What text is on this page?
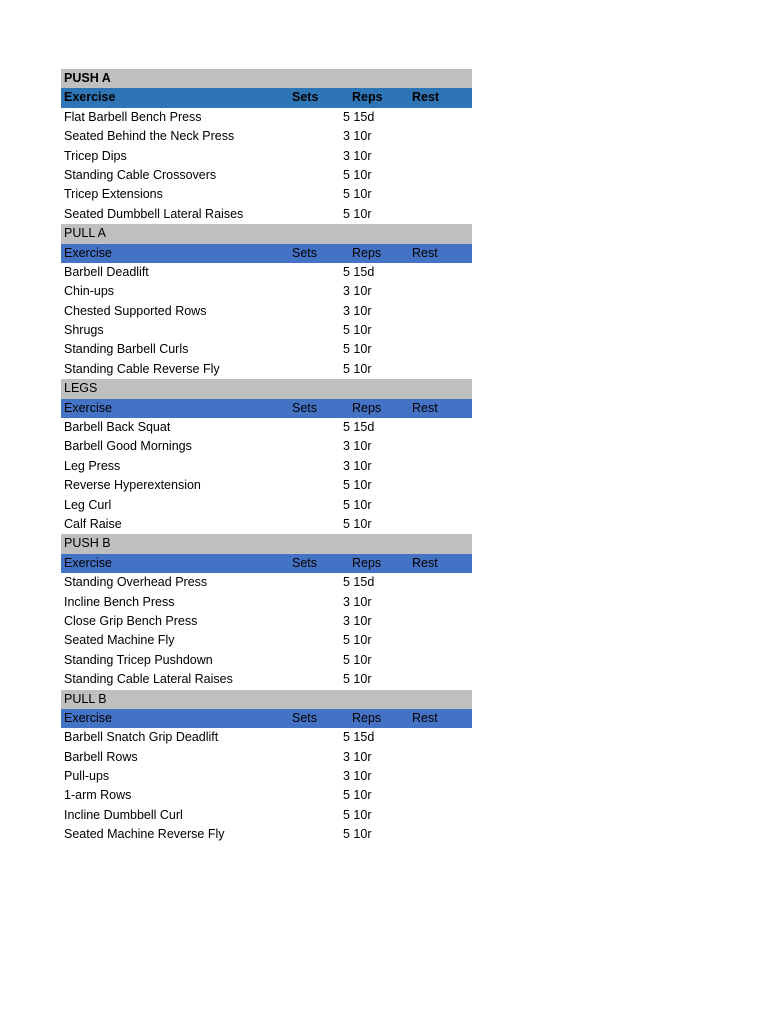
PUSH A
Exercise	Sets	Reps Rest
Flat Barbell Bench Press	5 15d
Seated Behind the Neck Press	3 10r
Tricep Dips	3 10r
Standing Cable Crossovers	5 10r
Tricep Extensions	5 10r
Seated Dumbbell Lateral Raises	5 10r
PULL A
Exercise	Sets	Reps Rest
Barbell Deadlift	5 15d
Chin-ups	3 10r
Chested Supported Rows	3 10r
Shrugs	5 10r
Standing Barbell Curls	5 10r
Standing Cable Reverse Fly	5 10r
LEGS
Exercise	Sets	Reps Rest
Barbell Back Squat	5 15d
Barbell Good Mornings	3 10r
Leg Press	3 10r
Reverse Hyperextension	5 10r
Leg Curl	5 10r
Calf Raise	5 10r
PUSH B
Exercise	Sets	Reps Rest
Standing Overhead Press	5 15d
Incline Bench Press	3 10r
Close Grip Bench Press	3 10r
Seated Machine Fly	5 10r
Standing Tricep Pushdown	5 10r
Standing Cable Lateral Raises	5 10r
PULL B
Exercise	Sets	Reps Rest
Barbell Snatch Grip Deadlift	5 15d
Barbell Rows	3 10r
Pull-ups	3 10r
1-arm Rows	5 10r
Incline Dumbbell Curl	5 10r
Seated Machine Reverse Fly	5 10r
